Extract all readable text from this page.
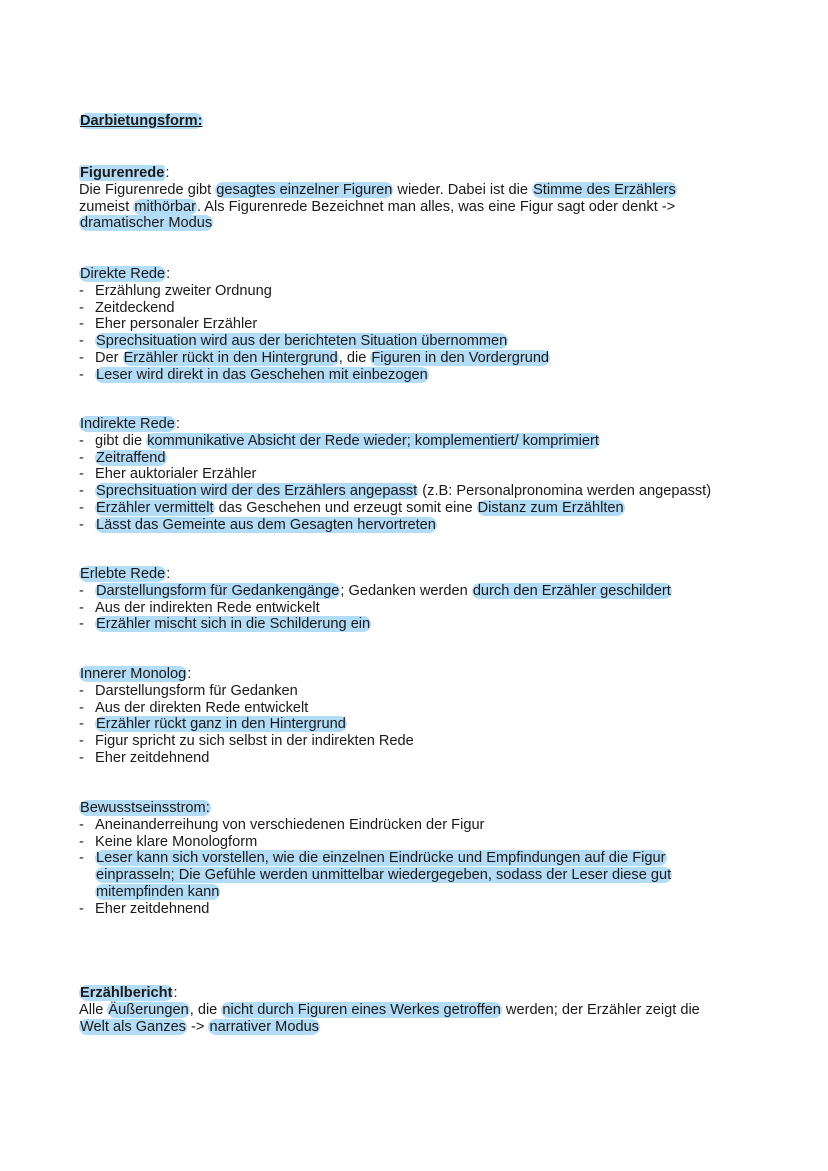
Darbietungsform:
Figurenrede:
Die Figurenrede gibt gesagtes einzelner Figuren wieder. Dabei ist die Stimme des Erzählers
zumeist mithörbar. Als Figurenrede Bezeichnet man alles, was eine Figur sagt oder denkt ->
dramatischer Modus
Direkte Rede:
- Erzählung zweiter Ordnung
- Zeitdeckend
- Eher personaler Erzähler
- Sprechsituation wird aus der berichteten Situation übernommen
- Der Erzähler rückt in den Hintergrund, die Figuren in den Vordergrund
- Leser wird direkt in das Geschehen mit einbezogen
Indirekte Rede:
- gibt die kommunikative Absicht der Rede wieder; komplementiert/ komprimiert
- Zeitraffend
- Eher auktorialer Erzähler
- Sprechsituation wird der des Erzählers angepasst (z.B: Personalpronomina werden angepasst)
- Erzähler vermittelt das Geschehen und erzeugt somit eine Distanz zum Erzählten
- Lässt das Gemeinte aus dem Gesagten hervortreten
Erlebte Rede:
- Darstellungsform für Gedankengänge; Gedanken werden durch den Erzähler geschildert
- Aus der indirekten Rede entwickelt
- Erzähler mischt sich in die Schilderung ein
Innerer Monolog:
- Darstellungsform für Gedanken
- Aus der direkten Rede entwickelt
- Erzähler rückt ganz in den Hintergrund
- Figur spricht zu sich selbst in der indirekten Rede
- Eher zeitdehnend
Bewusstseinsstrom:
- Aneinanderreihung von verschiedenen Eindrücken der Figur
- Keine klare Monologform
- Leser kann sich vorstellen, wie die einzelnen Eindrücke und Empfindungen auf die Figur
einprasseln; Die Gefühle werden unmittelbar wiedergegeben, sodass der Leser diese gut
mitempfinden kann
- Eher zeitdehnend
Erzählbericht:
Alle Äußerungen, die nicht durch Figuren eines Werkes getroffen werden; der Erzähler zeigt die
Welt als Ganzes -> narrativer Modus
